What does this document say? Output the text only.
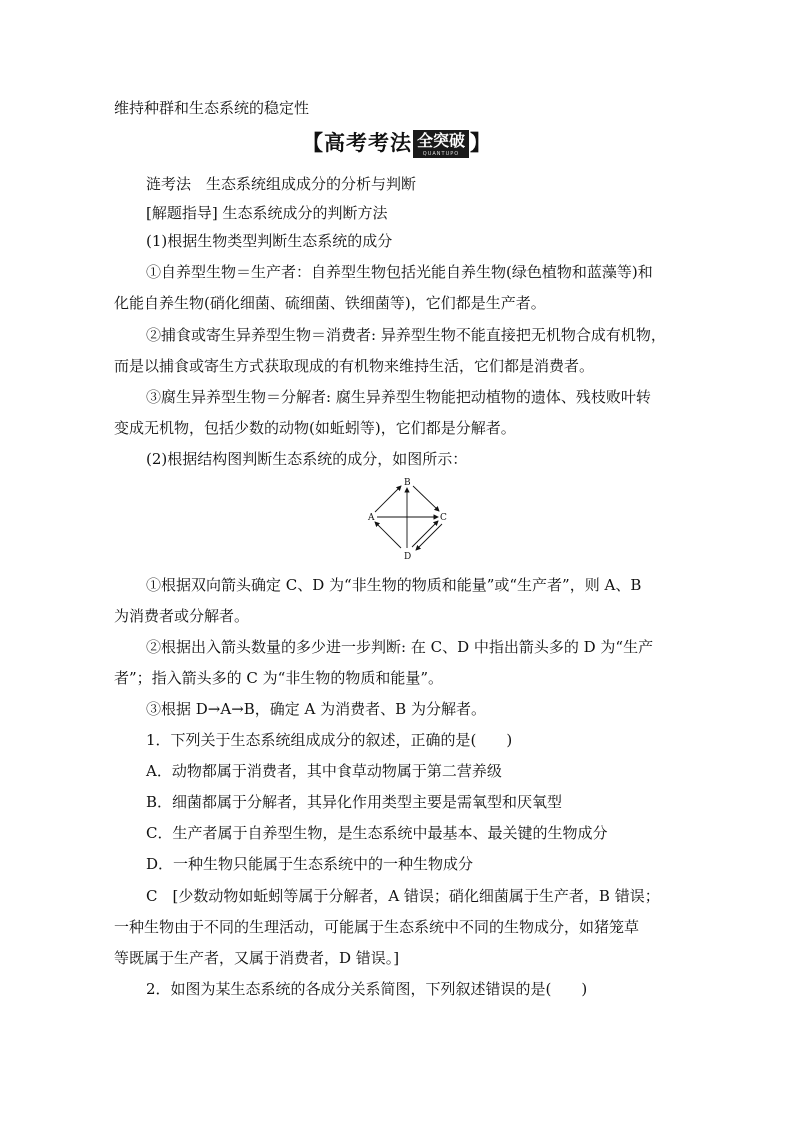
维持种群和生态系统的稳定性
【高考考法 全突破
QUANTUPO 】
涟考法　生态系统组成成分的分析与判断
[解题指导] 生态系统成分的判断方法
(1)根据生物类型判断生态系统的成分
①自养型生物＝生产者：自养型生物包括光能自养生物(绿色植物和蓝藻等)和
化能自养生物(硝化细菌、硫细菌、铁细菌等)，它们都是生产者。
②捕食或寄生异养型生物＝消费者: 异养型生物不能直接把无机物合成有机物，
而是以捕食或寄生方式获取现成的有机物来维持生活，它们都是消费者。
③腐生异养型生物＝分解者: 腐生异养型生物能把动植物的遗体、残枝败叶转
变成无机物，包括少数的动物(如蚯蚓等)，它们都是分解者。
(2)根据结构图判断生态系统的成分，如图所示：
B
A	C
D
①根据双向箭头确定 C、D 为“非生物的物质和能量”或“生产者”，则 A、B
为消费者或分解者。
②根据出入箭头数量的多少进一步判断: 在 C、D 中指出箭头多的 D 为“生产
者”；指入箭头多的 C 为“非生物的物质和能量”。
③根据 D→A→B，确定 A 为消费者、B 为分解者。
1．下列关于生态系统组成成分的叙述，正确的是(　　)
A．动物都属于消费者，其中食草动物属于第二营养级
B．细菌都属于分解者，其异化作用类型主要是需氧型和厌氧型
C．生产者属于自养型生物，是生态系统中最基本、最关键的生物成分
D．一种生物只能属于生态系统中的一种生物成分
C　[少数动物如蚯蚓等属于分解者，A 错误；硝化细菌属于生产者，B 错误；
一种生物由于不同的生理活动，可能属于生态系统中不同的生物成分，如猪笼草
等既属于生产者，又属于消费者，D 错误。]
2．如图为某生态系统的各成分关系简图，下列叙述错误的是(　　)
